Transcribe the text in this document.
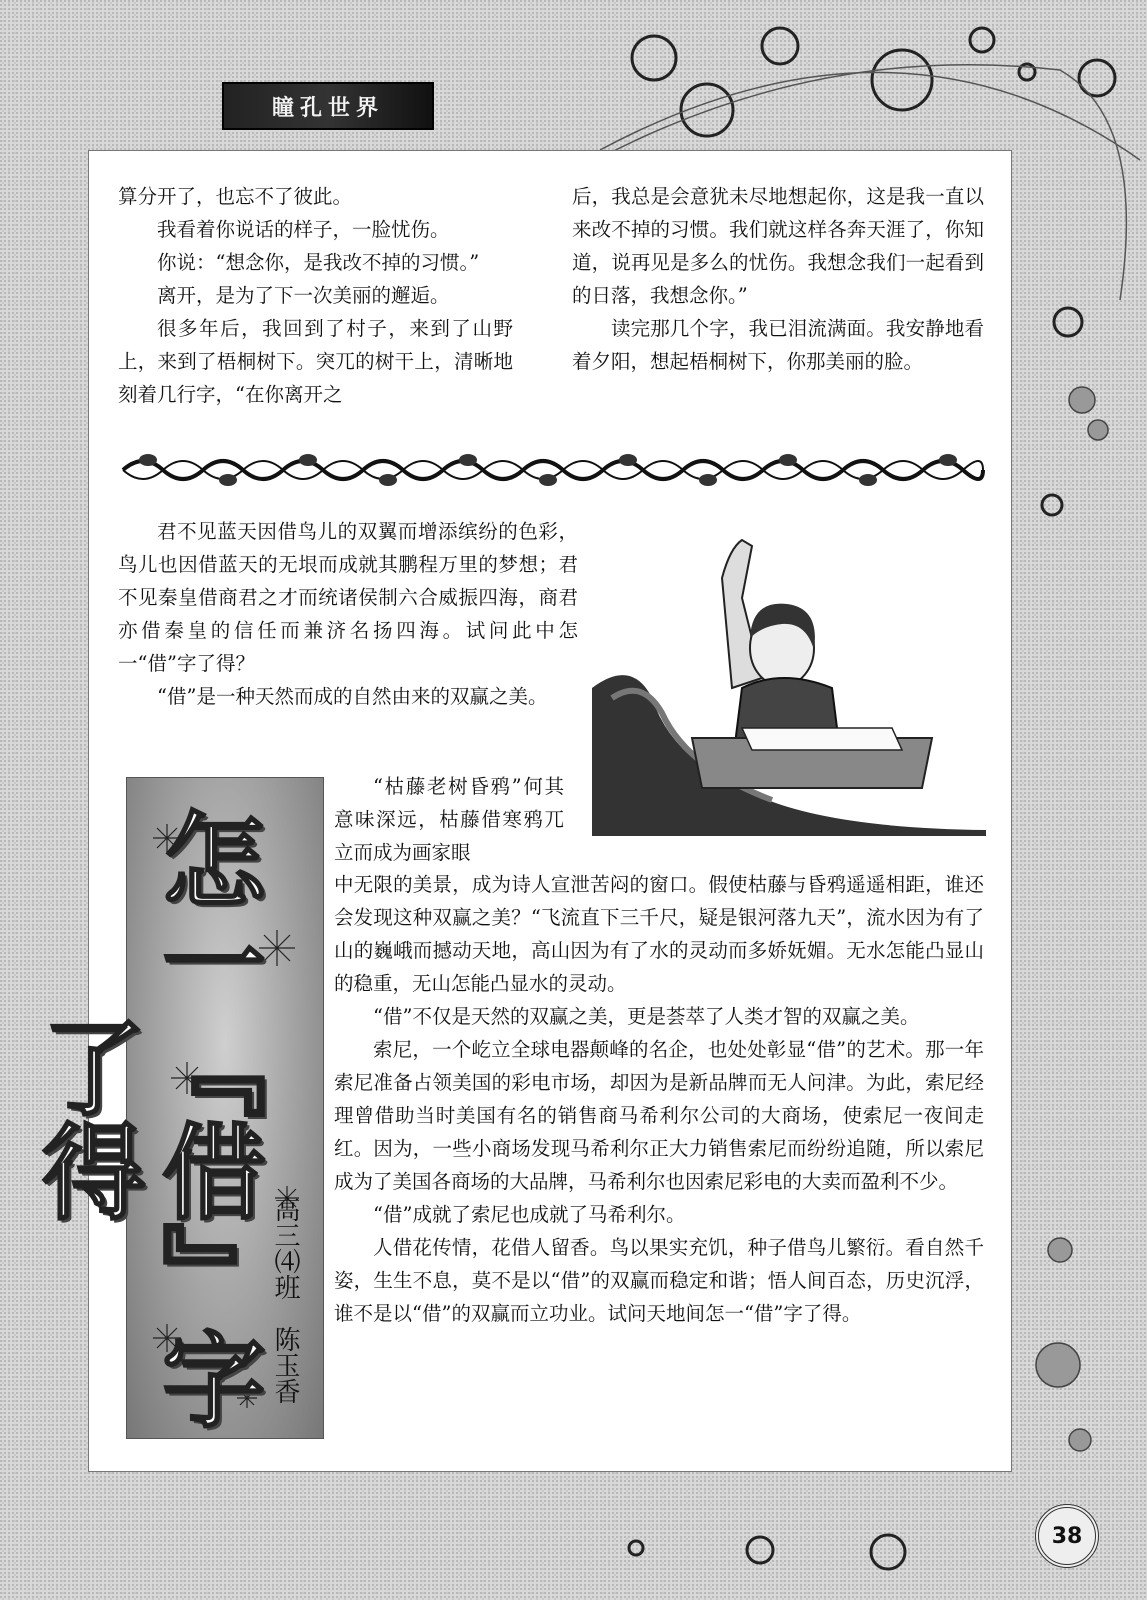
瞳孔世界

算分开了，也忘不了彼此。

我看着你说话的样子，一脸忧伤。

你说：“想念你，是我改不掉的习惯。”

离开，是为了下一次美丽的邂逅。

很多年后，我回到了村子，来到了山野上，来到了梧桐树下。突兀的树干上，清晰地刻着几行字，“在你离开之

后，我总是会意犹未尽地想起你，这是我一直以来改不掉的习惯。我们就这样各奔天涯了，你知道，说再见是多么的忧伤。我想念我们一起看到的日落，我想念你。”

读完那几个字，我已泪流满面。我安静地看着夕阳，想起梧桐树下，你那美丽的脸。

君不见蓝天因借鸟儿的双翼而增添缤纷的色彩，鸟儿也因借蓝天的无垠而成就其鹏程万里的梦想；君不见秦皇借商君之才而统诸侯制六合威振四海，商君亦借秦皇的信任而兼济名扬四海。试问此中怎一“借”字了得？

“借”是一种天然而成的自然由来的双赢之美。

怎一『借』字了得
高三⑷班　陈玉香

“枯藤老树昏鸦”何其意味深远，枯藤借寒鸦兀立而成为画家眼

中无限的美景，成为诗人宣泄苦闷的窗口。假使枯藤与昏鸦遥遥相距，谁还会发现这种双赢之美？“飞流直下三千尺，疑是银河落九天”，流水因为有了山的巍峨而撼动天地，高山因为有了水的灵动而多娇妩媚。无水怎能凸显山的稳重，无山怎能凸显水的灵动。

“借”不仅是天然的双赢之美，更是荟萃了人类才智的双赢之美。

索尼，一个屹立全球电器颠峰的名企，也处处彰显“借”的艺术。那一年索尼准备占领美国的彩电市场，却因为是新品牌而无人问津。为此，索尼经理曾借助当时美国有名的销售商马希利尔公司的大商场，使索尼一夜间走红。因为，一些小商场发现马希利尔正大力销售索尼而纷纷追随，所以索尼成为了美国各商场的大品牌，马希利尔也因索尼彩电的大卖而盈利不少。

“借”成就了索尼也成就了马希利尔。

人借花传情，花借人留香。鸟以果实充饥，种子借鸟儿繁衍。看自然千姿，生生不息，莫不是以“借”的双赢而稳定和谐；悟人间百态，历史沉浮，谁不是以“借”的双赢而立功业。试问天地间怎一“借”字了得。

38
